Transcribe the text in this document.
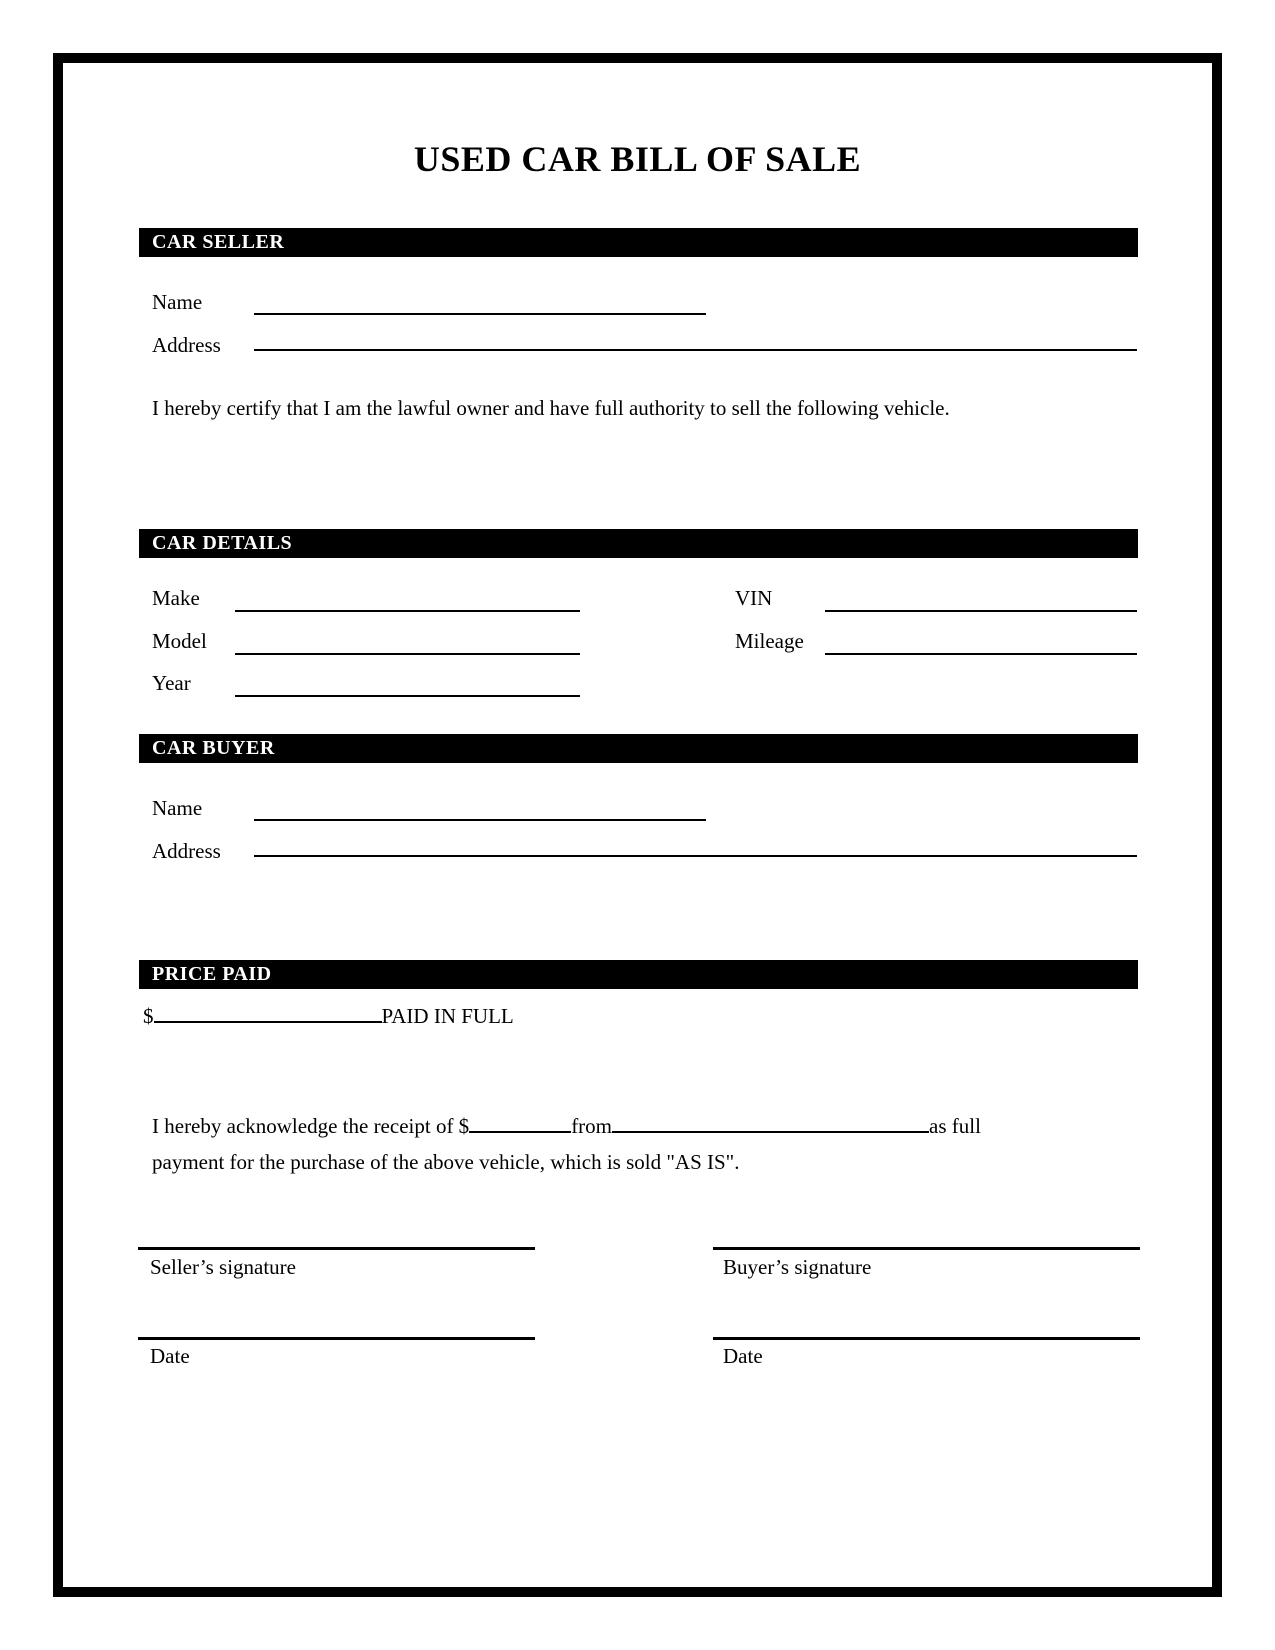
USED CAR BILL OF SALE
CAR SELLER
Name
Address
I hereby certify that I am the lawful owner and have full authority to sell the following vehicle.
CAR DETAILS
Make	VIN
Model	Mileage
Year
CAR BUYER
Name
Address
PRICE PAID
$	PAID IN FULL
I hereby acknowledge the receipt of $	from	as full
payment for the purchase of the above vehicle, which is sold "AS IS".
Seller’s signature	Buyer’s signature
Date	Date
